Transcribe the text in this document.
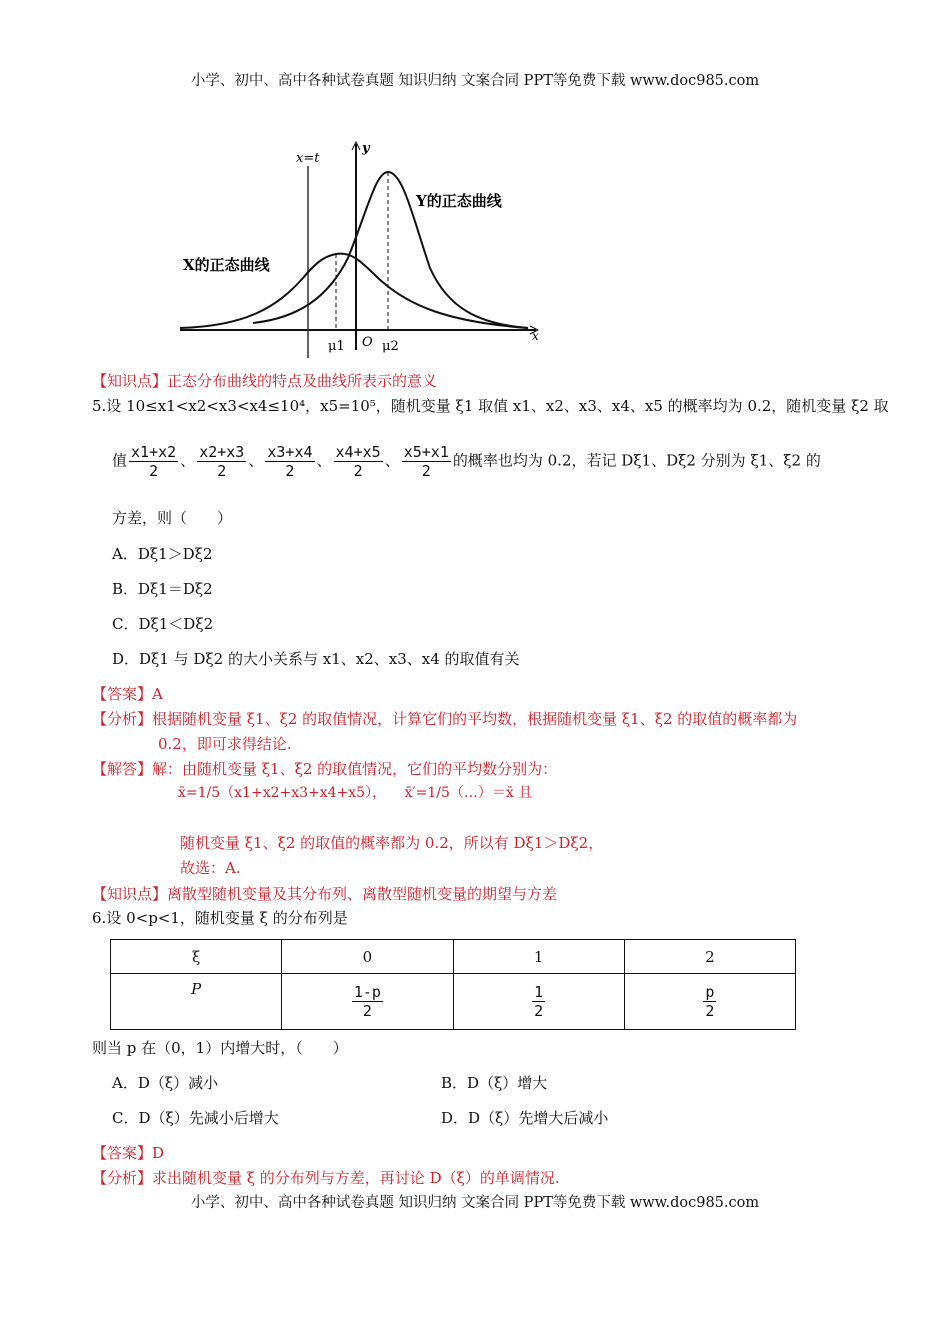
小学、初中、高中各种试卷真题 知识归纳 文案合同 PPT等免费下载 www.doc985.com
x=t
y
x
Y的正态曲线
X的正态曲线
μ1 O μ2
【知识点】正态分布曲线的特点及曲线所表示的意义
5.设 10≤x1<x2<x3<x4≤10⁴，x5=10⁵，随机变量 ξ1 取值 x1、x2、x3、x4、x5 的概率均为 0.2，随机变量 ξ2 取
值 $\frac{x1+x2}{2}$ 、 $\frac{x2+x3}{2}$ 、 $\frac{x3+x4}{2}$ 、 $\frac{x4+x5}{2}$ 、 $\frac{x5+x1}{2}$ 的概率也均为 0.2，若记 Dξ1、Dξ2 分别为 ξ1、ξ2 的
方差，则（　　）
A．Dξ1＞Dξ2
B．Dξ1＝Dξ2
C．Dξ1＜Dξ2
D．Dξ1 与 Dξ2 的大小关系与 x1、x2、x3、x4 的取值有关
【答案】A
【分析】根据随机变量 ξ1、ξ2 的取值情况，计算它们的平均数，根据随机变量 ξ1、ξ2 的取值的概率都为
0.2，即可求得结论.
【解答】解：由随机变量 ξ1、ξ2 的取值情况，它们的平均数分别为：
x̄=1/5（x1+x2+x3+x4+x5）， x̄′=1/5（…）＝x̄ 且
随机变量 ξ1、ξ2 的取值的概率都为 0.2，所以有 Dξ1＞Dξ2，
故选：A.
【知识点】离散型随机变量及其分布列、离散型随机变量的期望与方差
6.设 0<p<1，随机变量 ξ 的分布列是
ξ	0	1	2
P	$\frac{1-p}{2}$	$\frac{1}{2}$	$\frac{p}{2}$
则当 p 在（0，1）内增大时，（　　）
A．D（ξ）减小	B．D（ξ）增大
C．D（ξ）先减小后增大	D．D（ξ）先增大后减小
【答案】D
【分析】求出随机变量 ξ 的分布列与方差，再讨论 D（ξ）的单调情况.
小学、初中、高中各种试卷真题 知识归纳 文案合同 PPT等免费下载 www.doc985.com
